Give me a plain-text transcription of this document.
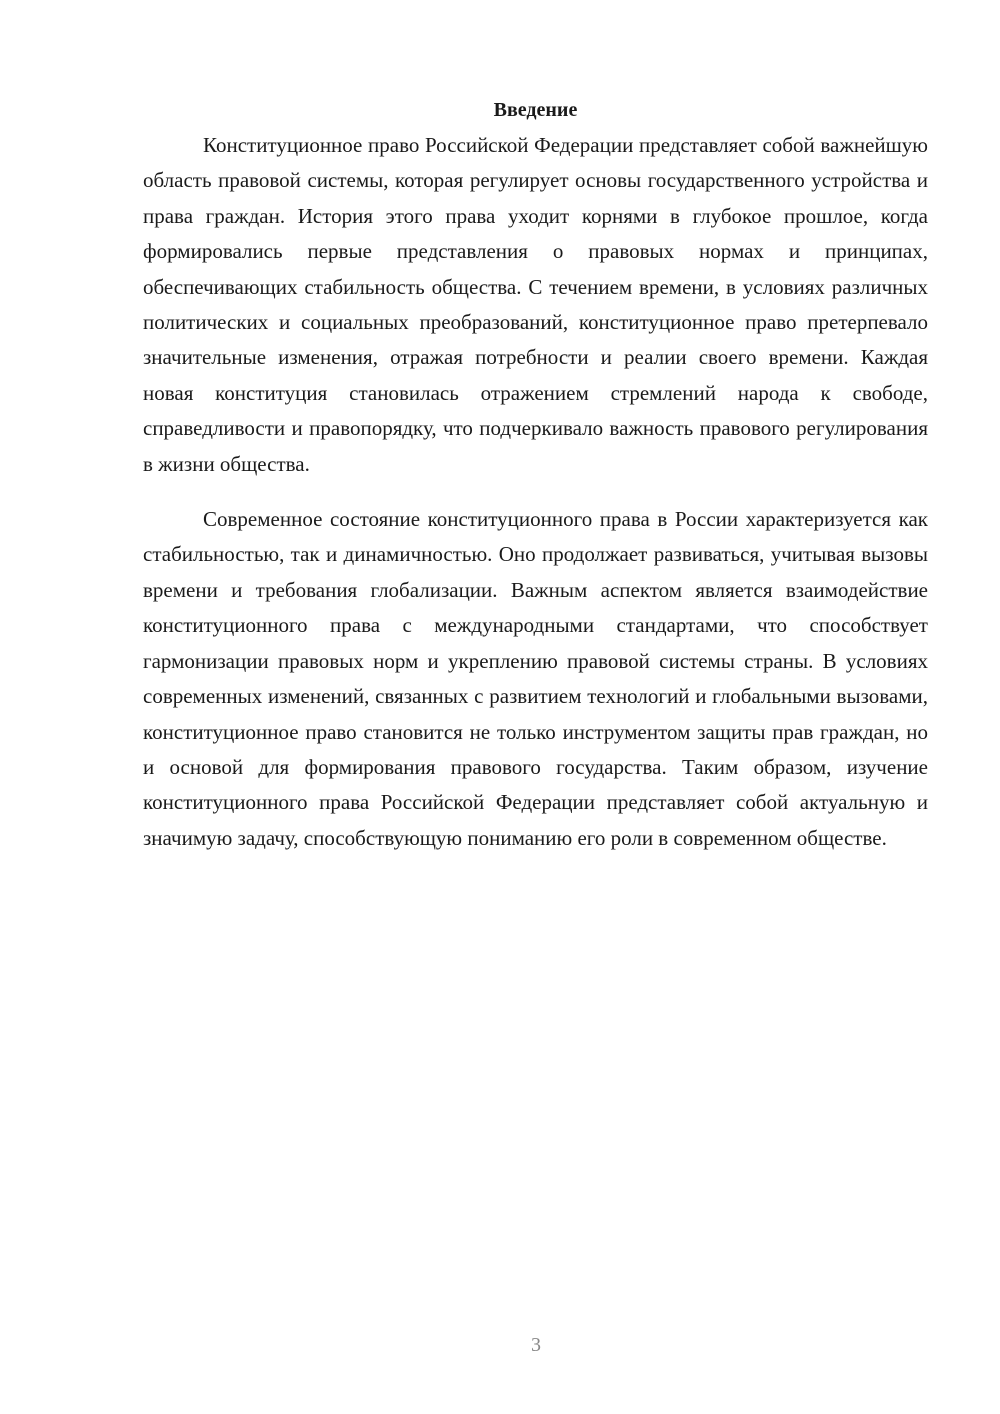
Введение

Конституционное право Российской Федерации представляет собой важнейшую область правовой системы, которая регулирует основы государственного устройства и права граждан. История этого права уходит корнями в глубокое прошлое, когда формировались первые представления о правовых нормах и принципах, обеспечивающих стабильность общества. С течением времени, в условиях различных политических и социальных преобразований, конституционное право претерпевало значительные изменения, отражая потребности и реалии своего времени. Каждая новая конституция становилась отражением стремлений народа к свободе, справедливости и правопорядку, что подчеркивало важность правового регулирования в жизни общества.

Современное состояние конституционного права в России характеризуется как стабильностью, так и динамичностью. Оно продолжает развиваться, учитывая вызовы времени и требования глобализации. Важным аспектом является взаимодействие конституционного права с международными стандартами, что способствует гармонизации правовых норм и укреплению правовой системы страны. В условиях современных изменений, связанных с развитием технологий и глобальными вызовами, конституционное право становится не только инструментом защиты прав граждан, но и основой для формирования правового государства. Таким образом, изучение конституционного права Российской Федерации представляет собой актуальную и значимую задачу, способствующую пониманию его роли в современном обществе.

3
